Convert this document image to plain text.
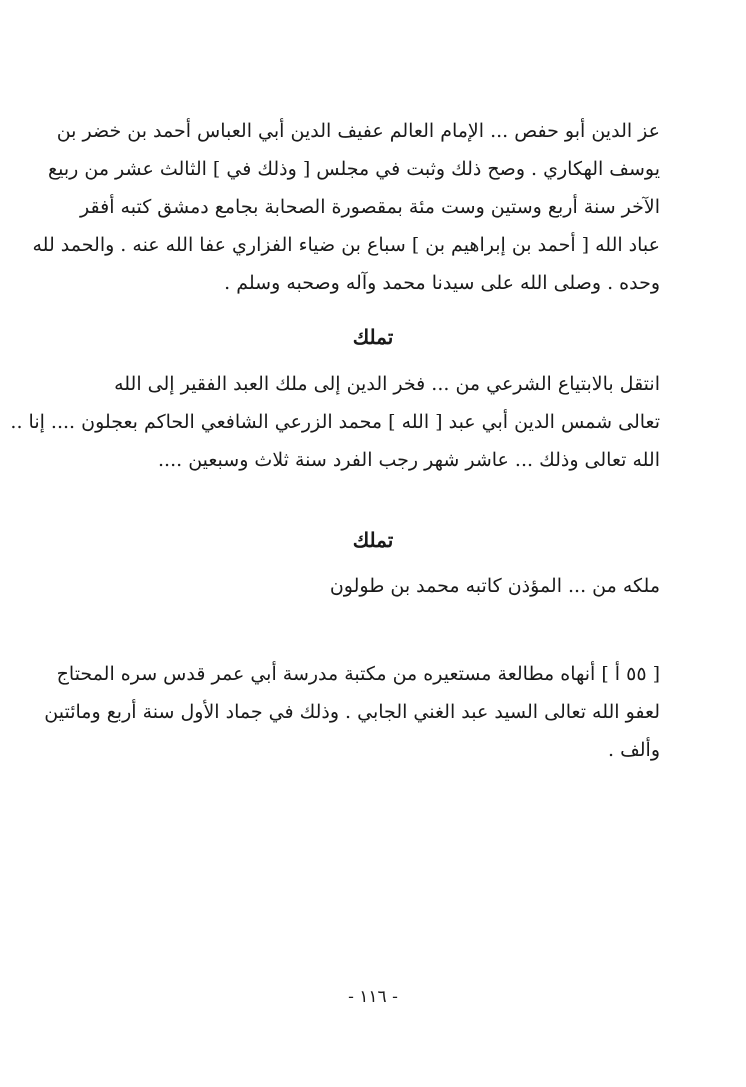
عز الدين أبو حفص ... الإمام العالم عفيف الدين أبي العباس أحمد بن خضر بن
يوسف الهكاري . وصح ذلك وثبت في مجلس [ وذلك في ] الثالث عشر من ربيع
الآخر سنة أربع وستين وست مئة بمقصورة الصحابة بجامع دمشق كتبه أفقر
عباد الله [ أحمد بن إبراهيم بن ] سباع بن ضياء الفزاري عفا الله عنه . والحمد لله
وحده . وصلى الله على سيدنا محمد وآله وصحبه وسلم .
تملك
انتقل بالابتياع الشرعي من ... فخر الدين إلى ملك العبد الفقير إلى الله
تعالى شمس الدين أبي عبد [ الله ] محمد الزرعي الشافعي الحاكم بعجلون .... إنا ..
الله تعالى وذلك ... عاشر شهر رجب الفرد سنة ثلاث وسبعين ....
تملك
ملكه من ... المؤذن كاتبه محمد بن طولون
[ ٥٥ أ ] أنهاه مطالعة مستعيره من مكتبة مدرسة أبي عمر قدس سره المحتاج
لعفو الله تعالى السيد عبد الغني الجابي . وذلك في جماد الأول سنة أربع ومائتين
وألف .
- ١١٦ -
